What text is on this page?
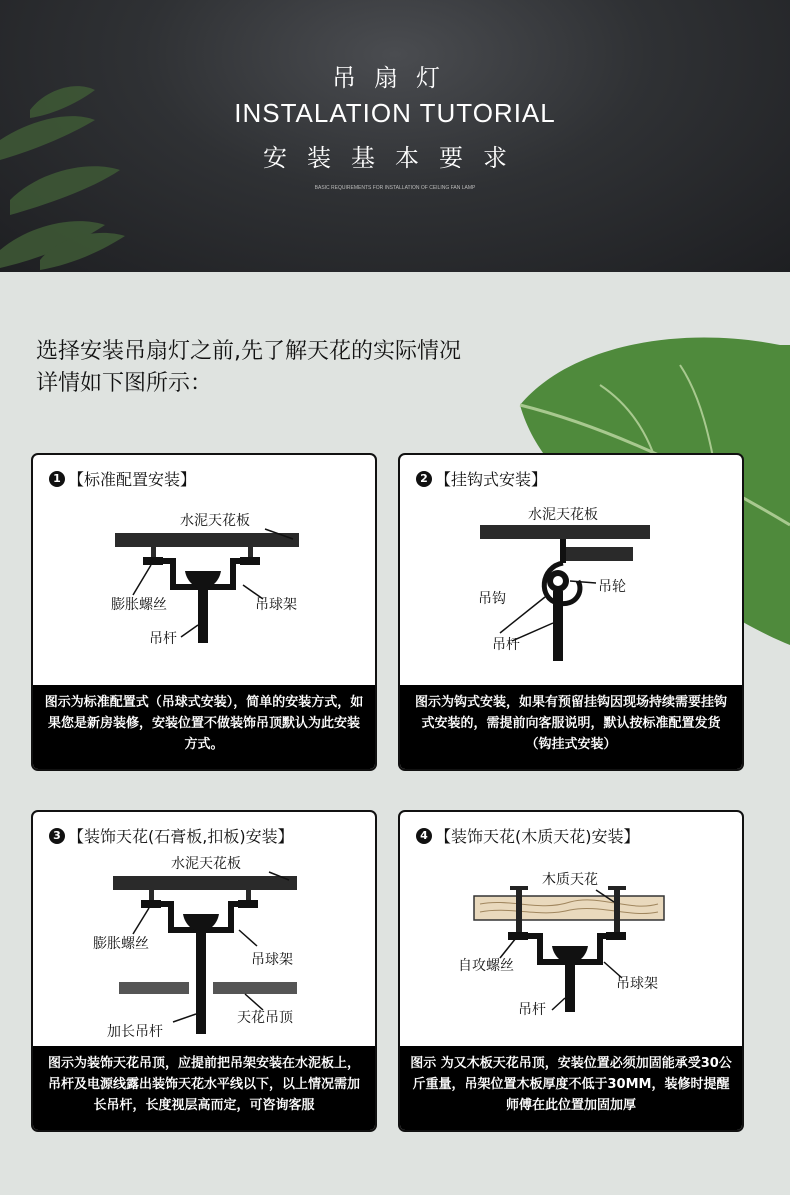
吊扇灯
INSTALATION TUTORIAL
安装基本要求
BASIC REQUIREMENTS FOR INSTALLATION OF CEILING FAN LAMP
选择安装吊扇灯之前,先了解天花的实际情况
详情如下图所示：
1 【标准配置安装】
水泥天花板
膨胀螺丝	吊球架
吊杆
图示为标准配置式（吊球式安装），简单的安装方式，如果您是新房装修，安装位置不做装饰吊顶默认为此安装方式。
2 【挂钩式安装】
水泥天花板
吊钩
吊轮
吊杆
图示为钩式安装，如果有预留挂钩因现场持续需要挂钩式安装的，需提前向客服说明，默认按标准配置发货（钩挂式安装）
3 【装饰天花(石膏板,扣板)安装】
水泥天花板
膨胀螺丝
吊球架
加长吊杆
天花吊顶
图示为装饰天花吊顶，应提前把吊架安装在水泥板上，吊杆及电源线露出装饰天花水平线以下，以上情况需加长吊杆，长度视层高而定，可咨询客服
4 【装饰天花(木质天花)安装】
木质天花
自攻螺丝
吊球架
吊杆
图示 为又木板天花吊顶，安装位置必须加固能承受30公斤重量，吊架位置木板厚度不低于30MM，装修时提醒师傅在此位置加固加厚
